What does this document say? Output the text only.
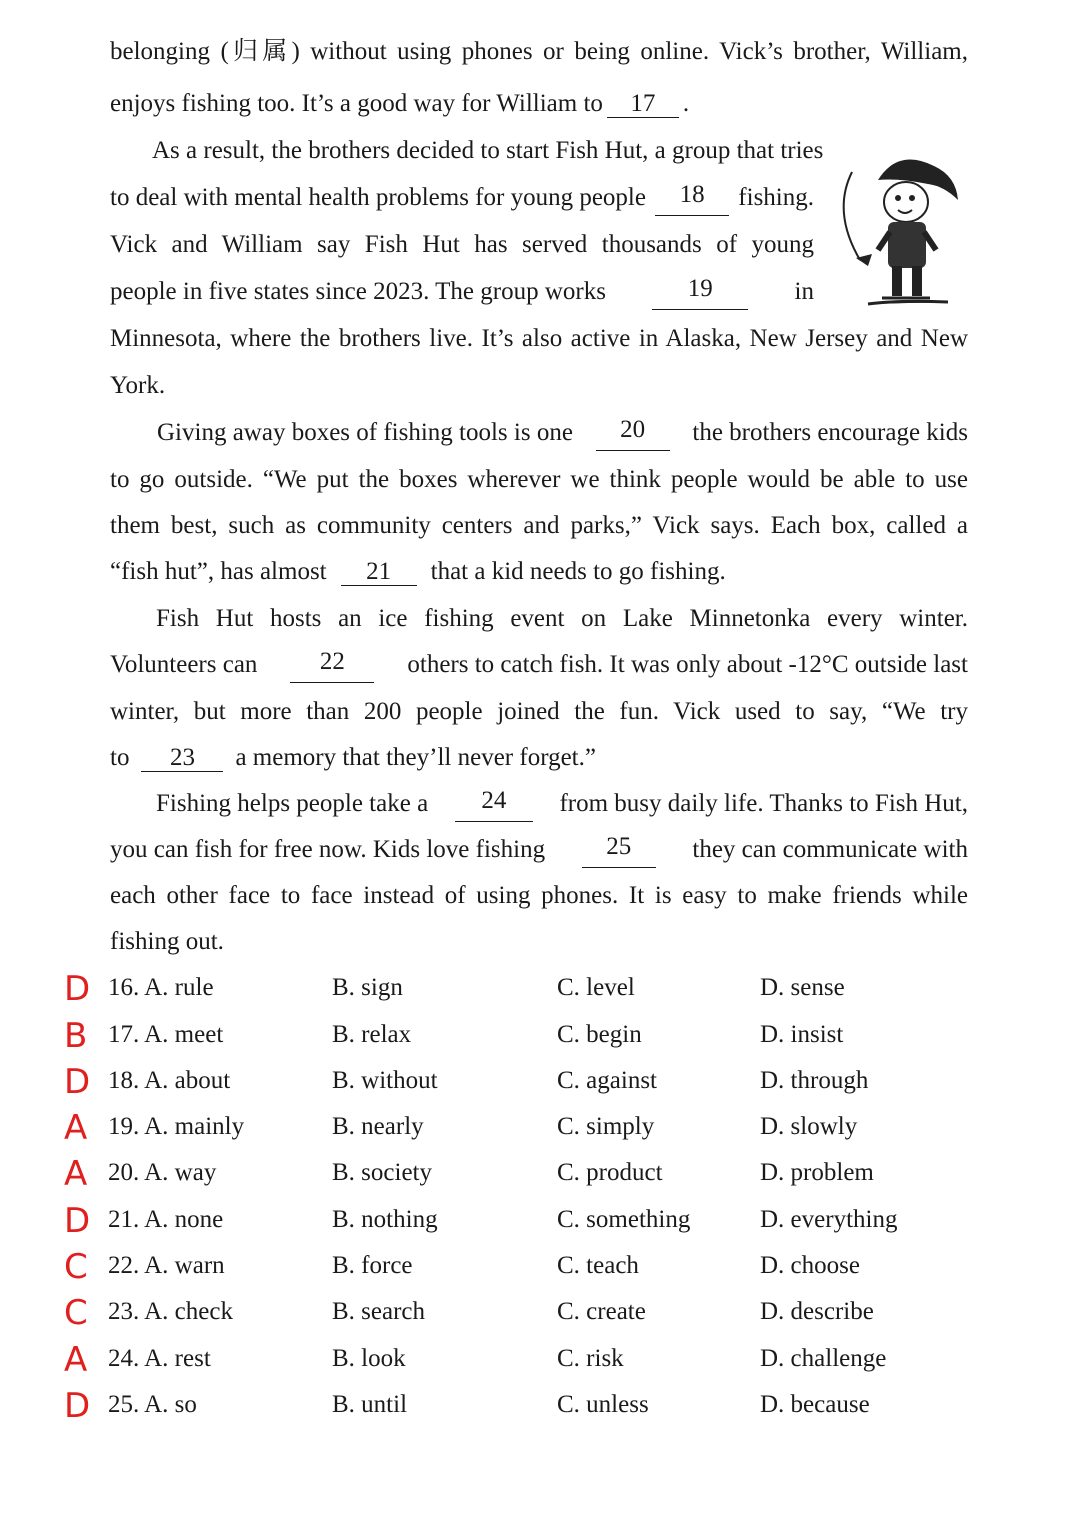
belonging (归属) without using phones or being online. Vick’s brother, William,
enjoys fishing too. It’s a good way for William to 17 .
As a result, the brothers decided to start Fish Hut, a group that tries
to deal with mental health problems for young people	18	fishing.
Vick and William say Fish Hut has served thousands of young
people in five states since 2023. The group works	19	in
Minnesota, where the brothers live. It’s also active in Alaska, New Jersey and New
York.
Giving away boxes of fishing tools is one	20	the brothers encourage kids
to go outside. “We put the boxes wherever we think people would be able to use
them best, such as community centers and parks,” Vick says. Each box, called a
“fish hut”, has almost 21 that a kid needs to go fishing.
Fish Hut hosts an ice fishing event on Lake Minnetonka every winter.
Volunteers can	22	others to catch fish. It was only about -12°C outside last
winter, but more than 200 people joined the fun. Vick used to say, “We try
to 23 a memory that they’ll never forget.”
Fishing helps people take a	24	from busy daily life. Thanks to Fish Hut,
you can fish for free now. Kids love fishing	25	they can communicate with
each other face to face instead of using phones. It is easy to make friends while
fishing out.
D 16. A. rule	B. sign	C. level	D. sense
B 17. A. meet	B. relax	C. begin	D. insist
D 18. A. about	B. without	C. against	D. through
A 19. A. mainly	B. nearly	C. simply	D. slowly
A 20. A. way	B. society	C. product	D. problem
D 21. A. none	B. nothing	C. something	D. everything
C 22. A. warn	B. force	C. teach	D. choose
C 23. A. check	B. search	C. create	D. describe
A 24. A. rest	B. look	C. risk	D. challenge
D 25. A. so	B. until	C. unless	D. because
